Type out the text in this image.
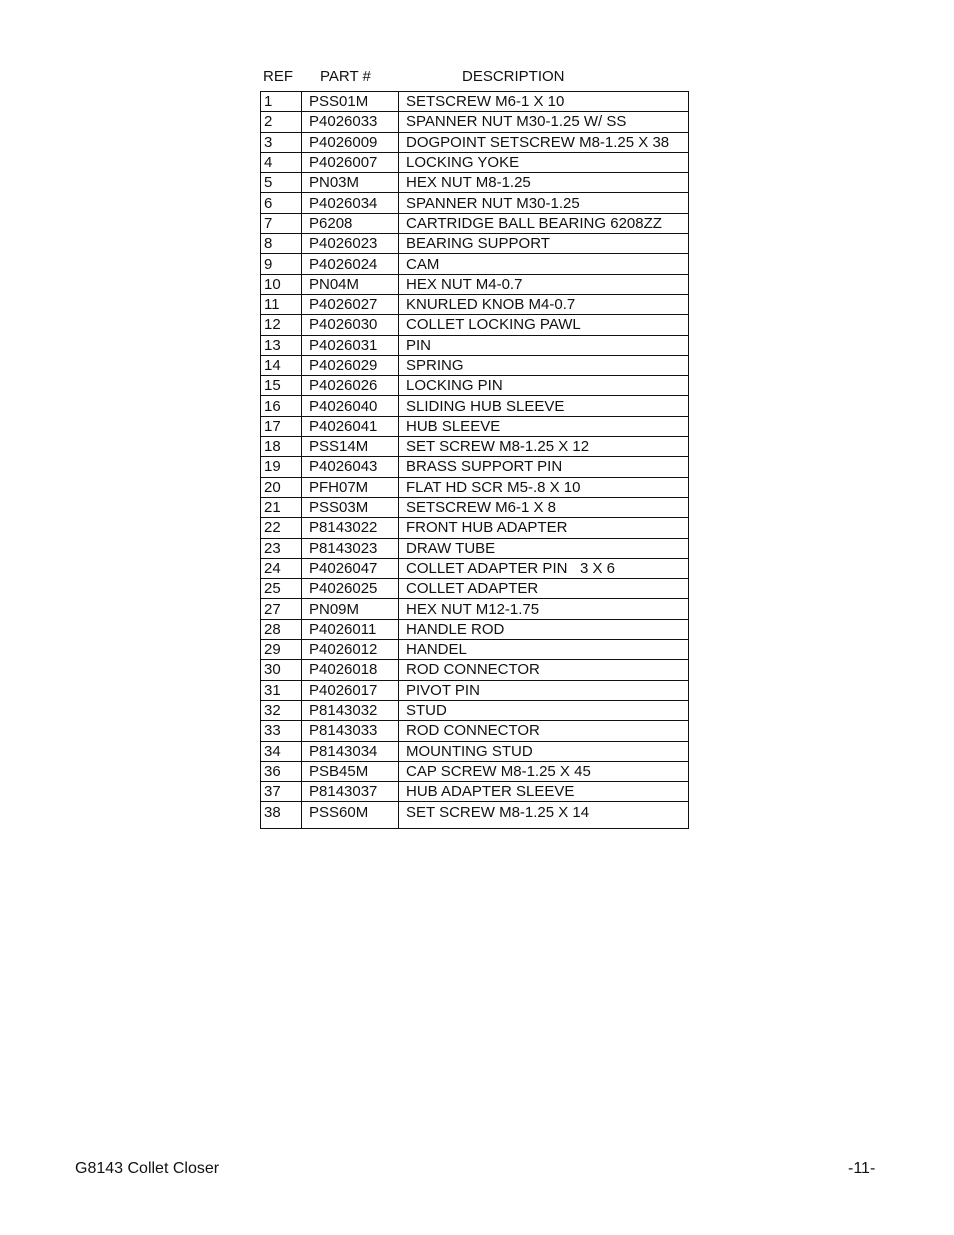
REF PART #	DESCRIPTION
1	PSS01M	SETSCREW M6-1 X 10
2	P4026033	SPANNER NUT M30-1.25 W/ SS
3	P4026009	DOGPOINT SETSCREW M8-1.25 X 38
4	P4026007	LOCKING YOKE
5	PN03M	HEX NUT M8-1.25
6	P4026034	SPANNER NUT M30-1.25
7	P6208	CARTRIDGE BALL BEARING 6208ZZ
8	P4026023	BEARING SUPPORT
9	P4026024	CAM
10	PN04M	HEX NUT M4-0.7
11	P4026027	KNURLED KNOB M4-0.7
12	P4026030	COLLET LOCKING PAWL
13	P4026031	PIN
14	P4026029	SPRING
15	P4026026	LOCKING PIN
16	P4026040	SLIDING HUB SLEEVE
17	P4026041	HUB SLEEVE
18	PSS14M	SET SCREW M8-1.25 X 12
19	P4026043	BRASS SUPPORT PIN
20	PFH07M	FLAT HD SCR M5-.8 X 10
21	PSS03M	SETSCREW M6-1 X 8
22	P8143022	FRONT HUB ADAPTER
23	P8143023	DRAW TUBE
24	P4026047	COLLET ADAPTER PIN   3 X 6
25	P4026025	COLLET ADAPTER
27	PN09M	HEX NUT M12-1.75
28	P4026011	HANDLE ROD
29	P4026012	HANDEL
30	P4026018	ROD CONNECTOR
31	P4026017	PIVOT PIN
32	P8143032	STUD
33	P8143033	ROD CONNECTOR
34	P8143034	MOUNTING STUD
36	PSB45M	CAP SCREW M8-1.25 X 45
37	P8143037	HUB ADAPTER SLEEVE
38	PSS60M	SET SCREW M8-1.25 X 14
G8143 Collet Closer	-11-
